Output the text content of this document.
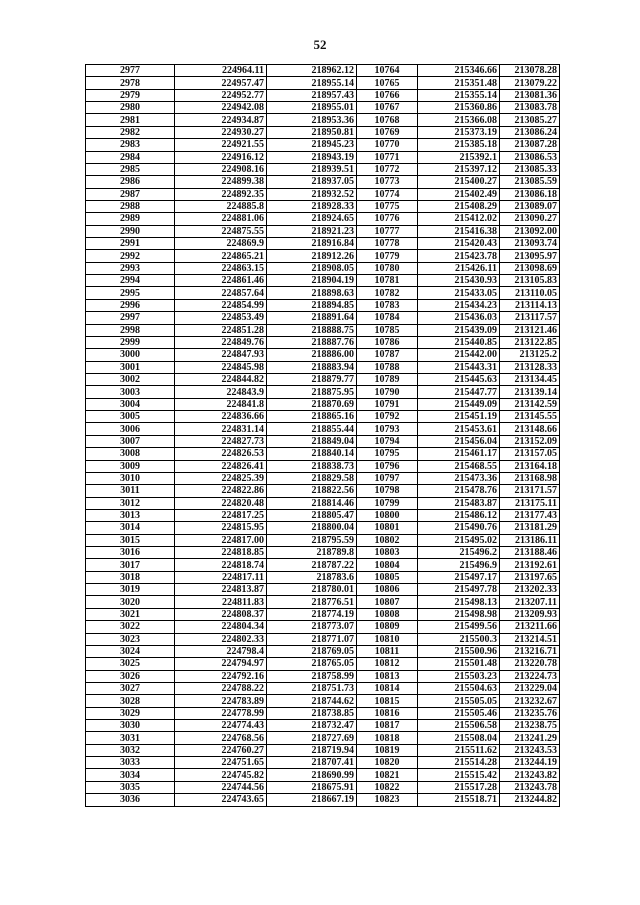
52
2977	224964.11	218962.12	10764	215346.66	213078.28
2978	224957.47	218955.14	10765	215351.48	213079.22
2979	224952.77	218957.43	10766	215355.14	213081.36
2980	224942.08	218955.01	10767	215360.86	213083.78
2981	224934.87	218953.36	10768	215366.08	213085.27
2982	224930.27	218950.81	10769	215373.19	213086.24
2983	224921.55	218945.23	10770	215385.18	213087.28
2984	224916.12	218943.19	10771	215392.1	213086.53
2985	224908.16	218939.51	10772	215397.12	213085.33
2986	224899.38	218937.05	10773	215400.27	213085.59
2987	224892.35	218932.52	10774	215402.49	213086.18
2988	224885.8	218928.33	10775	215408.29	213089.07
2989	224881.06	218924.65	10776	215412.02	213090.27
2990	224875.55	218921.23	10777	215416.38	213092.00
2991	224869.9	218916.84	10778	215420.43	213093.74
2992	224865.21	218912.26	10779	215423.78	213095.97
2993	224863.15	218908.05	10780	215426.11	213098.69
2994	224861.46	218904.19	10781	215430.93	213105.83
2995	224857.64	218898.63	10782	215433.05	213110.05
2996	224854.99	218894.85	10783	215434.23	213114.13
2997	224853.49	218891.64	10784	215436.03	213117.57
2998	224851.28	218888.75	10785	215439.09	213121.46
2999	224849.76	218887.76	10786	215440.85	213122.85
3000	224847.93	218886.00	10787	215442.00	213125.2
3001	224845.98	218883.94	10788	215443.31	213128.33
3002	224844.82	218879.77	10789	215445.63	213134.45
3003	224843.9	218875.95	10790	215447.77	213139.14
3004	224841.8	218870.69	10791	215449.09	213142.59
3005	224836.66	218865.16	10792	215451.19	213145.55
3006	224831.14	218855.44	10793	215453.61	213148.66
3007	224827.73	218849.04	10794	215456.04	213152.09
3008	224826.53	218840.14	10795	215461.17	213157.05
3009	224826.41	218838.73	10796	215468.55	213164.18
3010	224825.39	218829.58	10797	215473.36	213168.98
3011	224822.86	218822.56	10798	215478.76	213171.57
3012	224820.48	218814.46	10799	215483.87	213175.11
3013	224817.25	218805.47	10800	215486.12	213177.43
3014	224815.95	218800.04	10801	215490.76	213181.29
3015	224817.00	218795.59	10802	215495.02	213186.11
3016	224818.85	218789.8	10803	215496.2	213188.46
3017	224818.74	218787.22	10804	215496.9	213192.61
3018	224817.11	218783.6	10805	215497.17	213197.65
3019	224813.87	218780.01	10806	215497.78	213202.33
3020	224811.83	218776.51	10807	215498.13	213207.11
3021	224808.37	218774.19	10808	215498.98	213209.93
3022	224804.34	218773.07	10809	215499.56	213211.66
3023	224802.33	218771.07	10810	215500.3	213214.51
3024	224798.4	218769.05	10811	215500.96	213216.71
3025	224794.97	218765.05	10812	215501.48	213220.78
3026	224792.16	218758.99	10813	215503.23	213224.73
3027	224788.22	218751.73	10814	215504.63	213229.04
3028	224783.89	218744.62	10815	215505.05	213232.67
3029	224778.99	218738.85	10816	215505.46	213235.76
3030	224774.43	218732.47	10817	215506.58	213238.75
3031	224768.56	218727.69	10818	215508.04	213241.29
3032	224760.27	218719.94	10819	215511.62	213243.53
3033	224751.65	218707.41	10820	215514.28	213244.19
3034	224745.82	218690.99	10821	215515.42	213243.82
3035	224744.56	218675.91	10822	215517.28	213243.78
3036	224743.65	218667.19	10823	215518.71	213244.82
